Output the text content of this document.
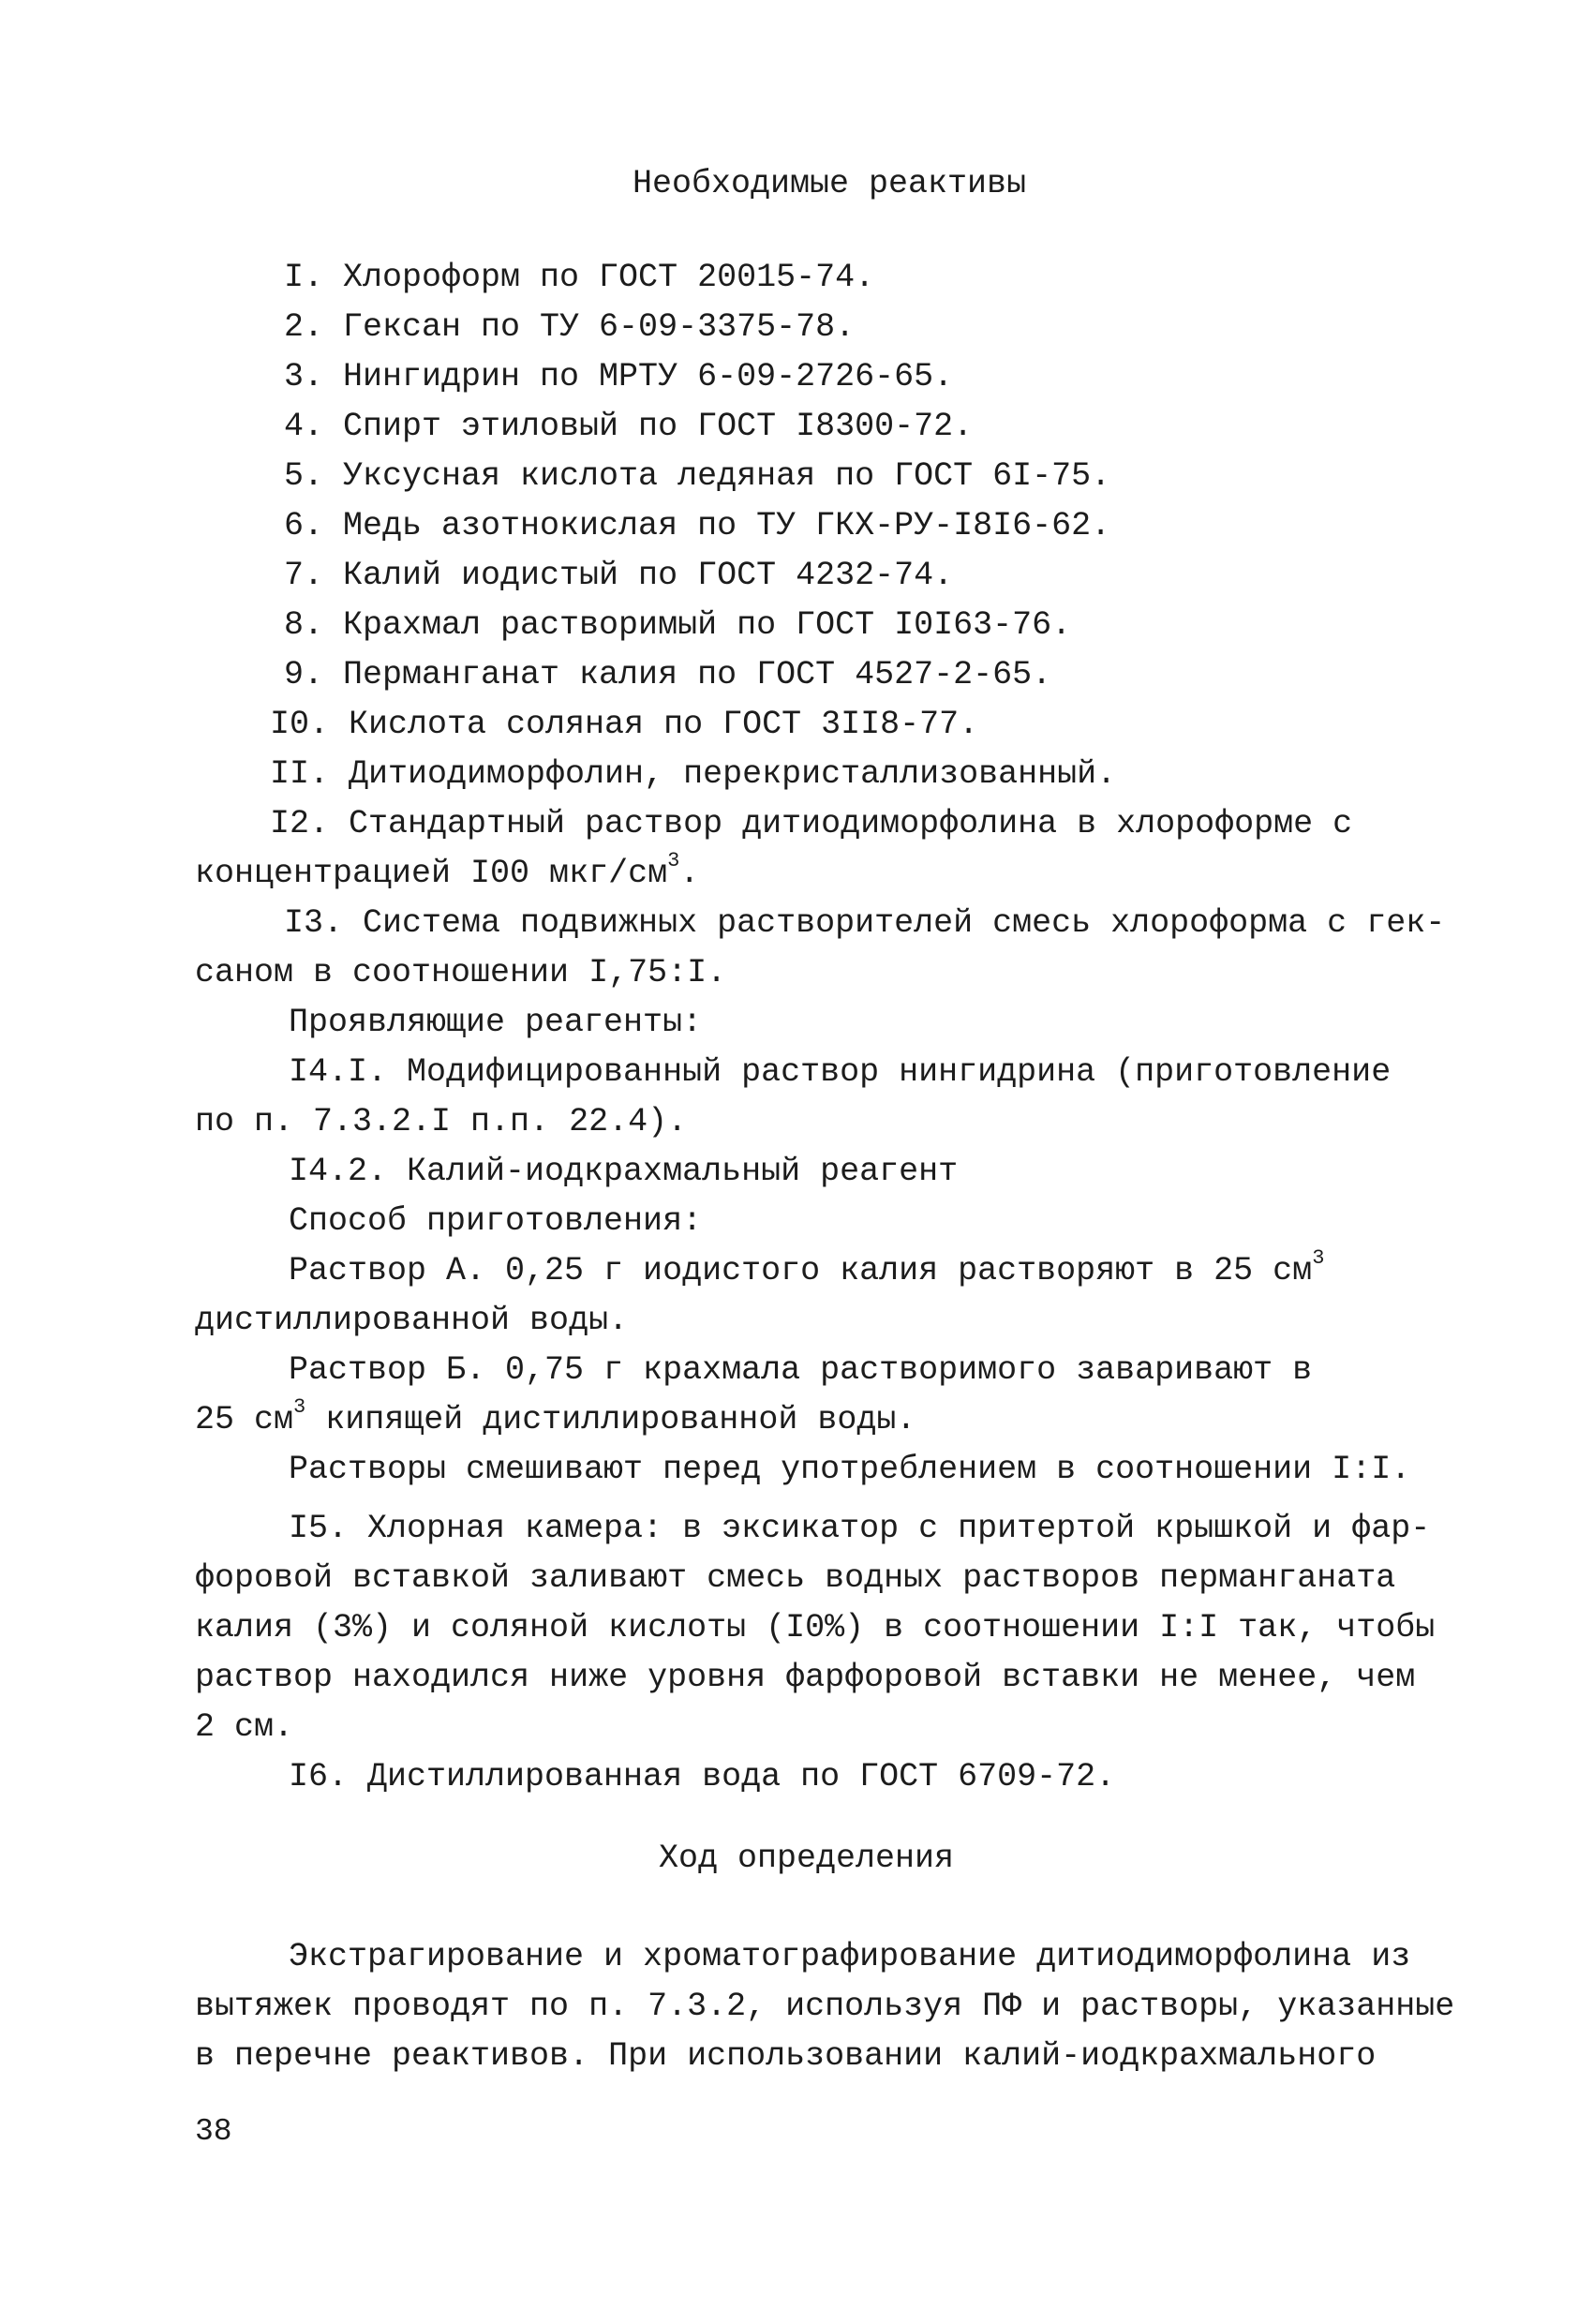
Необходимые реактивы
I. Хлороформ по ГОСТ 20015-74.
2. Гексан по ТУ 6-09-3375-78.
3. Нингидрин по МРТУ 6-09-2726-65.
4. Спирт этиловый по ГОСТ I8300-72.
5. Уксусная кислота ледяная по ГОСТ 6I-75.
6. Медь азотнокислая по ТУ ГКХ-РУ-I8I6-62.
7. Калий иодистый по ГОСТ 4232-74.
8. Крахмал растворимый по ГОСТ I0I63-76.
9. Перманганат калия по ГОСТ 4527-2-65.
I0. Кислота соляная по ГОСТ 3II8-77.
II. Дитиодиморфолин, перекристаллизованный.
I2. Стандартный раствор дитиодиморфолина в хлороформе с
концентрацией I00 мкг/$см^3$.
I3. Система подвижных растворителей смесь хлороформа с гек-
саном в соотношении I,75:I.
Проявляющие реагенты:
I4.I. Модифицированный раствор нингидрина (приготовление
по п. 7.3.2.I п.п. 22.4).
I4.2. Калий-иодкрахмальный реагент
Способ приготовления:
Раствор А. 0,25 г иодистого калия растворяют в 25 $см^3$
дистиллированной воды.
Раствор Б. 0,75 г крахмала растворимого заваривают в
25 $см^3$ кипящей дистиллированной воды.
Растворы смешивают перед употреблением в соотношении I:I.
I5. Хлорная камера: в эксикатор с притертой крышкой и фар-
форовой вставкой заливают смесь водных растворов перманганата
калия (3%) и соляной кислоты (I0%) в соотношении I:I так, чтобы
раствор находился ниже уровня фарфоровой вставки не менее, чем
2 см.
I6. Дистиллированная вода по ГОСТ 6709-72.
Ход определения
Экстрагирование и хроматографирование дитиодиморфолина из
вытяжек проводят по п. 7.3.2, используя ПФ и растворы, указанные
в перечне реактивов. При использовании калий-иодкрахмального
38
